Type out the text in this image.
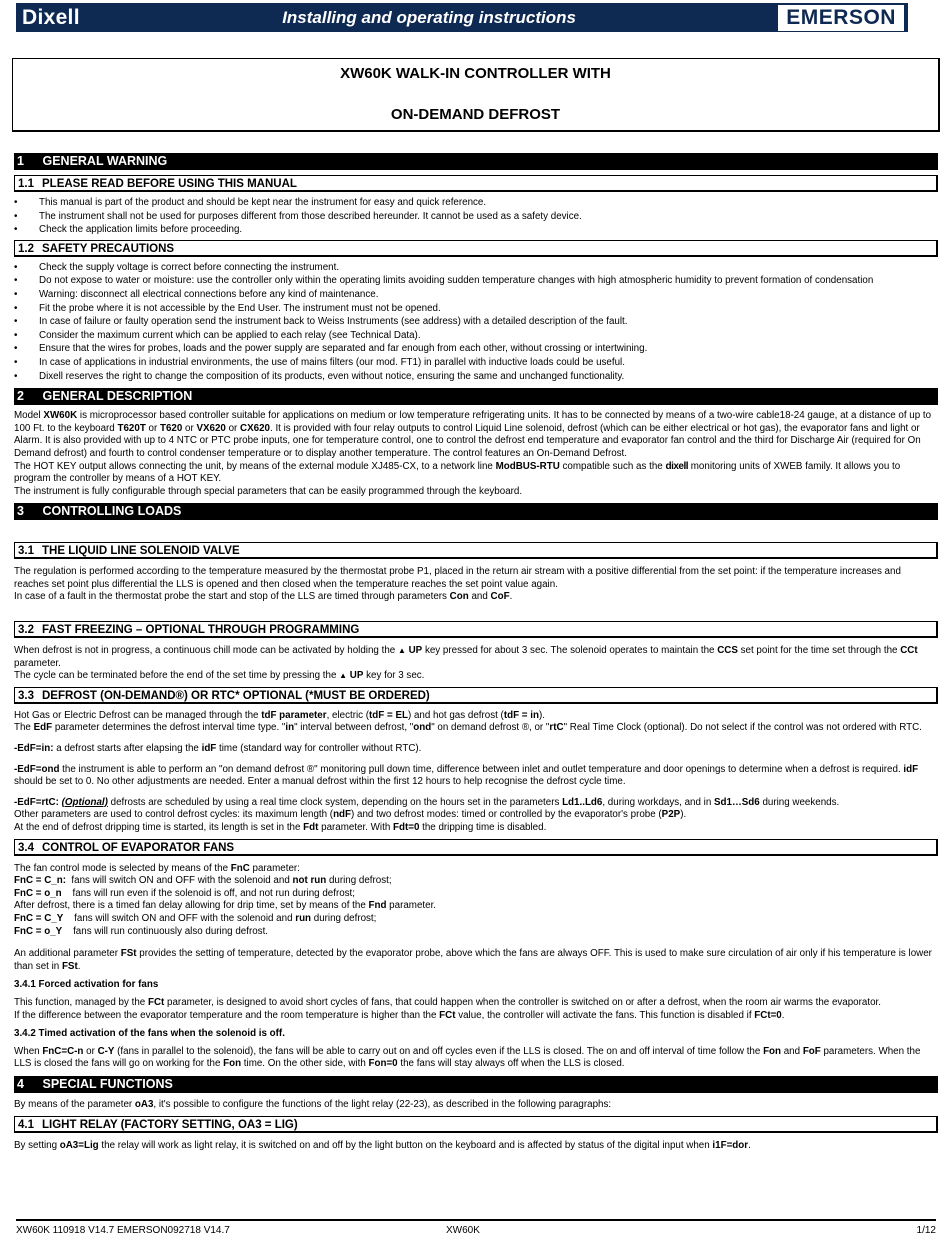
Dixell	Installing and operating instructions	EMERSON
XW60K WALK-IN CONTROLLER WITH
ON-DEMAND DEFROST
1 GENERAL WARNING
1.1 PLEASE READ BEFORE USING THIS MANUAL
• This manual is part of the product and should be kept near the instrument for easy and quick reference.
• The instrument shall not be used for purposes different from those described hereunder. It cannot be used as a safety device.
• Check the application limits before proceeding.
1.2 SAFETY PRECAUTIONS
• Check the supply voltage is correct before connecting the instrument.
• Do not expose to water or moisture: use the controller only within the operating limits avoiding sudden temperature changes with high atmospheric humidity to prevent formation of condensation
• Warning: disconnect all electrical connections before any kind of maintenance.
• Fit the probe where it is not accessible by the End User. The instrument must not be opened.
• In case of failure or faulty operation send the instrument back to Weiss Instruments (see address) with a detailed description of the fault.
• Consider the maximum current which can be applied to each relay (see Technical Data).
• Ensure that the wires for probes, loads and the power supply are separated and far enough from each other, without crossing or intertwining.
• In case of applications in industrial environments, the use of mains filters (our mod. FT1) in parallel with inductive loads could be useful.
• Dixell reserves the right to change the composition of its products, even without notice, ensuring the same and unchanged functionality.
2 GENERAL DESCRIPTION

Model XW60K is microprocessor based controller suitable for applications on medium or low temperature refrigerating units. It has to be connected by means of a two-wire cable18-24 gauge, at a distance of up to 100 Ft. to the keyboard T620T or T620 or VX620 or CX620. It is provided with four relay outputs to control Liquid Line solenoid, defrost (which can be either electrical or hot gas), the evaporator fans and light or Alarm. It is also provided with up to 4 NTC or PTC probe inputs, one for temperature control, one to control the defrost end temperature and evaporator fan control and the third for Discharge Air (required for On Demand defrost) and fourth to control condenser temperature or to display another temperature. The control features an On-Demand Defrost.

The HOT KEY output allows connecting the unit, by means of the external module XJ485-CX, to a network line ModBUS-RTU compatible such as the dixell monitoring units of XWEB family. It allows you to program the controller by means of a HOT KEY.

The instrument is fully configurable through special parameters that can be easily programmed through the keyboard.

3 CONTROLLING LOADS
3.1 THE LIQUID LINE SOLENOID VALVE

The regulation is performed according to the temperature measured by the thermostat probe P1, placed in the return air stream with a positive differential from the set point: if the temperature increases and reaches set point plus differential the LLS is opened and then closed when the temperature reaches the set point value again.

In case of a fault in the thermostat probe the start and stop of the LLS are timed through parameters Con and CoF.

3.2 FAST FREEZING – OPTIONAL THROUGH PROGRAMMING

When defrost is not in progress, a continuous chill mode can be activated by holding the ▲ UP key pressed for about 3 sec. The solenoid operates to maintain the CCS set point for the time set through the CCt parameter.

The cycle can be terminated before the end of the set time by pressing the ▲ UP key for 3 sec.

3.3 DEFROST (ON-DEMAND®) OR RTC* OPTIONAL (*MUST BE ORDERED)

Hot Gas or Electric Defrost can be managed through the tdF parameter, electric (tdF = EL) and hot gas defrost (tdF = in).

The EdF parameter determines the defrost interval time type. "in" interval between defrost, "ond" on demand defrost ®, or "rtC" Real Time Clock (optional). Do not select if the control was not ordered with RTC.

-EdF=in: a defrost starts after elapsing the idF time (standard way for controller without RTC).

-EdF=ond the instrument is able to perform an "on demand defrost ®" monitoring pull down time, difference between inlet and outlet temperature and door openings to determine when a defrost is required. idF should be set to 0. No other adjustments are needed. Enter a manual defrost within the first 12 hours to help recognise the defrost cycle time.

-EdF=rtC: (Optional) defrosts are scheduled by using a real time clock system, depending on the hours set in the parameters Ld1..Ld6, during workdays, and in Sd1…Sd6 during weekends.

Other parameters are used to control defrost cycles: its maximum length (ndF) and two defrost modes: timed or controlled by the evaporator's probe (P2P).

At the end of defrost dripping time is started, its length is set in the Fdt parameter. With Fdt=0 the dripping time is disabled.

3.4 CONTROL OF EVAPORATOR FANS

The fan control mode is selected by means of the FnC parameter:

FnC = C_n:  fans will switch ON and OFF with the solenoid and not run during defrost;

FnC = o_n    fans will run even if the solenoid is off, and not run during defrost;

After defrost, there is a timed fan delay allowing for drip time, set by means of the Fnd parameter.

FnC = C_Y    fans will switch ON and OFF with the solenoid and run during defrost;

FnC = o_Y    fans will run continuously also during defrost.

An additional parameter FSt provides the setting of temperature, detected by the evaporator probe, above which the fans are always OFF. This is used to make sure circulation of air only if his temperature is lower than set in FSt.

3.4.1 Forced activation for fans

This function, managed by the FCt parameter, is designed to avoid short cycles of fans, that could happen when the controller is switched on or after a defrost, when the room air warms the evaporator.

If the difference between the evaporator temperature and the room temperature is higher than the FCt value, the controller will activate the fans. This function is disabled if FCt=0.

3.4.2 Timed activation of the fans when the solenoid is off.

When FnC=C-n or C-Y (fans in parallel to the solenoid), the fans will be able to carry out on and off cycles even if the LLS is closed. The on and off interval of time follow the Fon and FoF parameters. When the LLS is closed the fans will go on working for the Fon time. On the other side, with Fon=0 the fans will stay always off when the LLS is closed.

4 SPECIAL FUNCTIONS

By means of the parameter oA3, it's possible to configure the functions of the light relay (22-23), as described in the following paragraphs:

4.1 LIGHT RELAY (FACTORY SETTING, OA3 = LIG)

By setting oA3=Lig the relay will work as light relay, it is switched on and off by the light button on the keyboard and is affected by status of the digital input when i1F=dor.

XW60K 110918 V14.7 EMERSON092718 V14.7	XW60K	1/12
